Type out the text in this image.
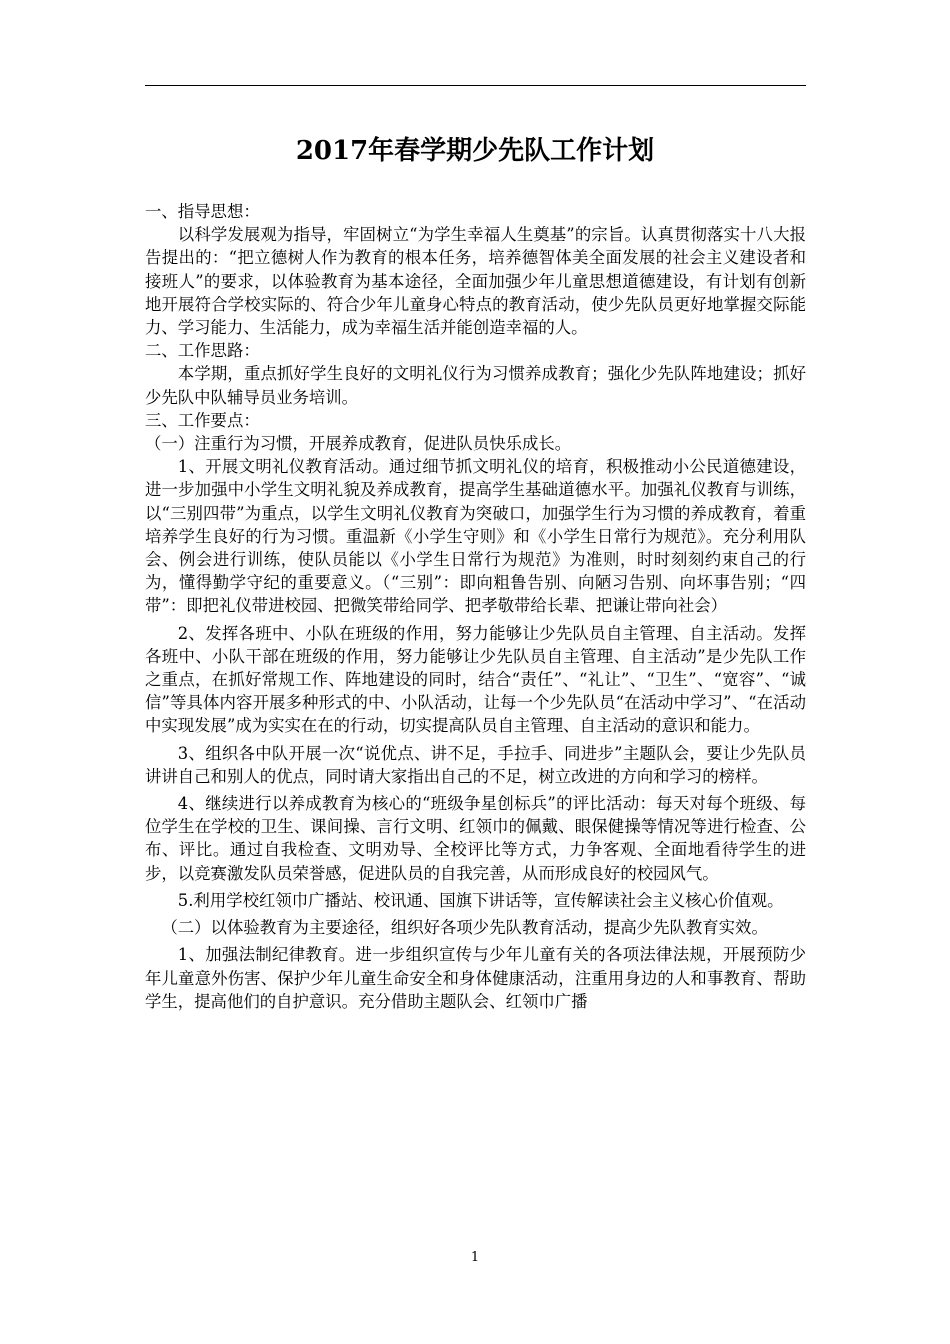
2017年春学期少先队工作计划

一、指导思想：

以科学发展观为指导，牢固树立“为学生幸福人生奠基”的宗旨。认真贯彻落实十八大报告提出的：“把立德树人作为教育的根本任务，培养德智体美全面发展的社会主义建设者和接班人”的要求，以体验教育为基本途径，全面加强少年儿童思想道德建设，有计划有创新地开展符合学校实际的、符合少年儿童身心特点的教育活动，使少先队员更好地掌握交际能力、学习能力、生活能力，成为幸福生活并能创造幸福的人。

二、工作思路：

本学期，重点抓好学生良好的文明礼仪行为习惯养成教育；强化少先队阵地建设；抓好少先队中队辅导员业务培训。

三、工作要点：

（一）注重行为习惯，开展养成教育，促进队员快乐成长。

1、开展文明礼仪教育活动。通过细节抓文明礼仪的培育，积极推动小公民道德建设，进一步加强中小学生文明礼貌及养成教育，提高学生基础道德水平。加强礼仪教育与训练，以“三别四带”为重点，以学生文明礼仪教育为突破口，加强学生行为习惯的养成教育，着重培养学生良好的行为习惯。重温新《小学生守则》和《小学生日常行为规范》。充分利用队会、例会进行训练，使队员能以《小学生日常行为规范》为准则，时时刻刻约束自己的行为，懂得勤学守纪的重要意义。（“三别”：即向粗鲁告别、向陋习告别、向坏事告别；“四带”：即把礼仪带进校园、把微笑带给同学、把孝敬带给长辈、把谦让带向社会）

2、发挥各班中、小队在班级的作用，努力能够让少先队员自主管理、自主活动。发挥各班中、小队干部在班级的作用，努力能够让少先队员自主管理、自主活动”是少先队工作之重点，在抓好常规工作、阵地建设的同时，结合“责任”、“礼让”、“卫生”、“宽容”、“诚信”等具体内容开展多种形式的中、小队活动，让每一个少先队员“在活动中学习”、“在活动中实现发展”成为实实在在的行动，切实提高队员自主管理、自主活动的意识和能力。

3、组织各中队开展一次“说优点、讲不足，手拉手、同进步”主题队会，要让少先队员讲讲自己和别人的优点，同时请大家指出自己的不足，树立改进的方向和学习的榜样。

4、继续进行以养成教育为核心的“班级争星创标兵”的评比活动：每天对每个班级、每位学生在学校的卫生、课间操、言行文明、红领巾的佩戴、眼保健操等情况等进行检查、公布、评比。通过自我检查、文明劝导、全校评比等方式，力争客观、全面地看待学生的进步，以竞赛激发队员荣誉感，促进队员的自我完善，从而形成良好的校园风气。

5.利用学校红领巾广播站、校讯通、国旗下讲话等，宣传解读社会主义核心价值观。

（二）以体验教育为主要途径，组织好各项少先队教育活动，提高少先队教育实效。

1、加强法制纪律教育。进一步组织宣传与少年儿童有关的各项法律法规，开展预防少年儿童意外伤害、保护少年儿童生命安全和身体健康活动，注重用身边的人和事教育、帮助学生，提高他们的自护意识。充分借助主题队会、红领巾广播

1
